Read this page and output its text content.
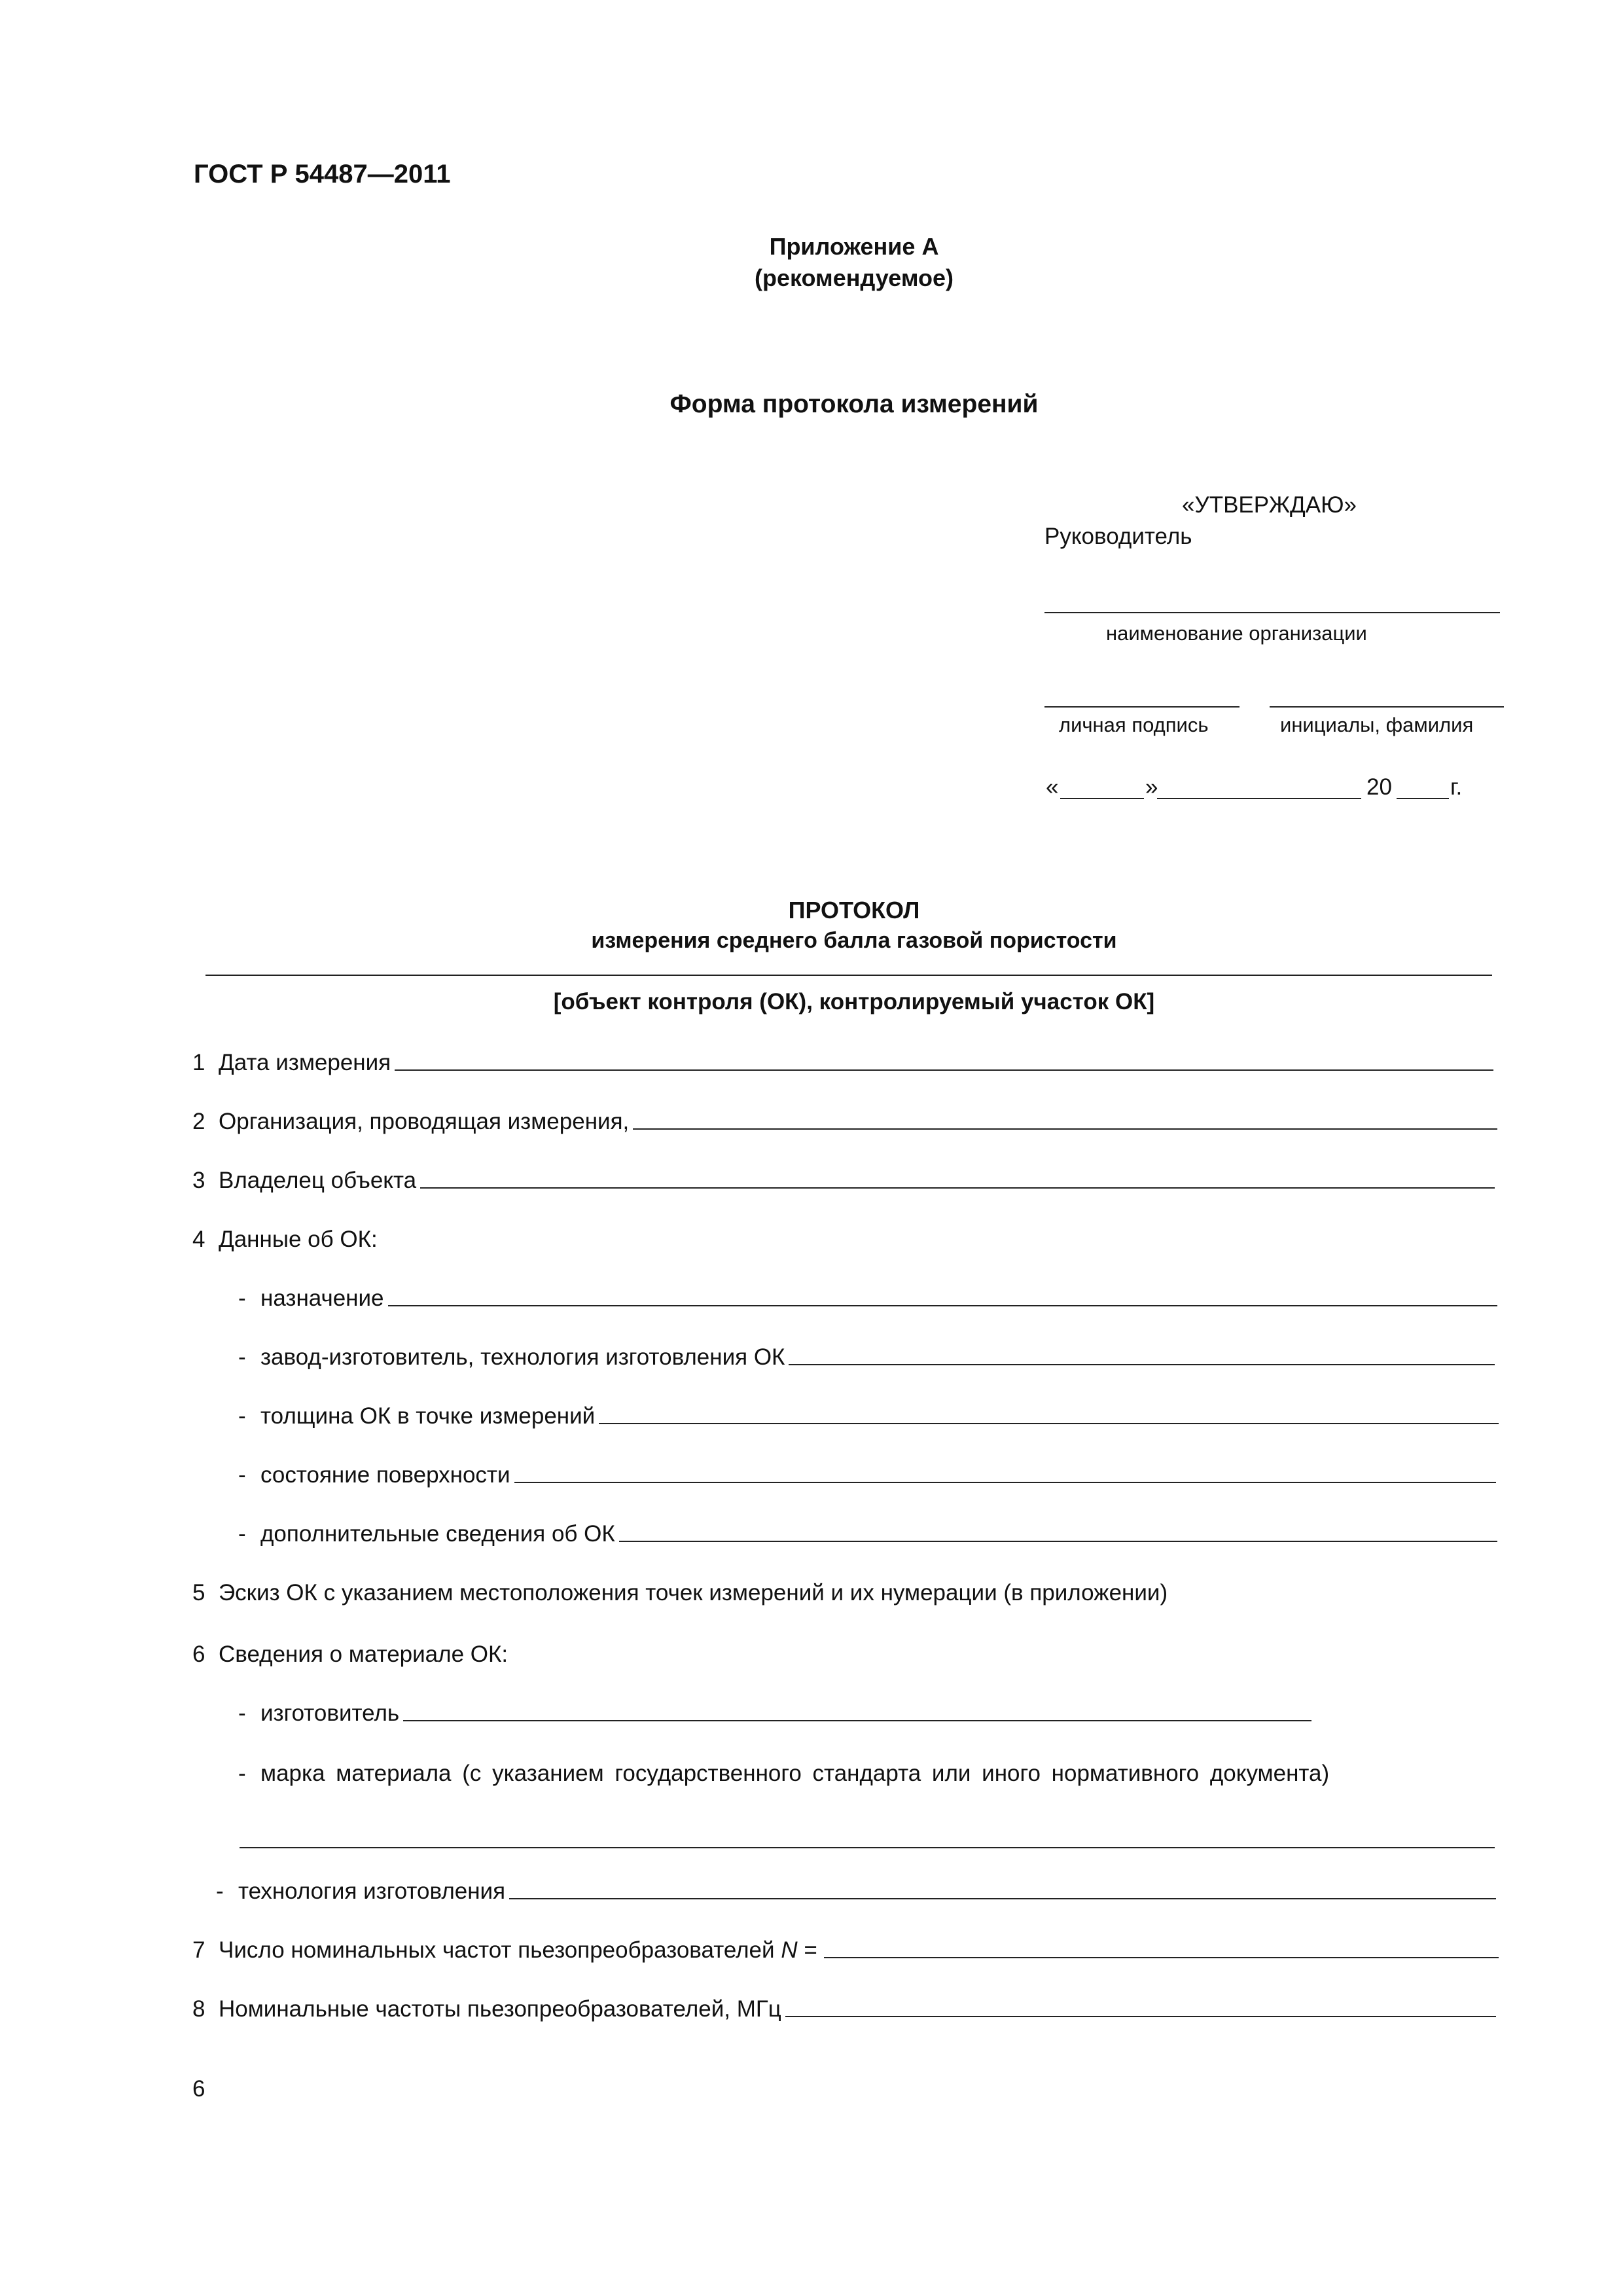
ГОСТ Р 54487—2011
Приложение А
(рекомендуемое)
Форма протокола измерений
«УТВЕРЖДАЮ»
Руководитель
наименование организации
личная подпись	инициалы, фамилия
«	»	20	г.
ПРОТОКОЛ
измерения среднего балла газовой пористости
[объект контроля (ОК), контролируемый участок ОК]
1 Дата измерения
2 Организация, проводящая измерения,
3 Владелец объекта
4 Данные об ОК:
- назначение
- завод-изготовитель, технология изготовления ОК
- толщина ОК в точке измерений
- состояние поверхности
- дополнительные сведения об ОК
5 Эскиз ОК с указанием местоположения точек измерений и их нумерации (в приложении)
6 Сведения о материале ОК:
- изготовитель
- марка материала (с указанием государственного стандарта или иного нормативного документа)
- технология изготовления
7 Число номинальных частот пьезопреобразователей N =
8 Номинальные частоты пьезопреобразователей, МГц
6
